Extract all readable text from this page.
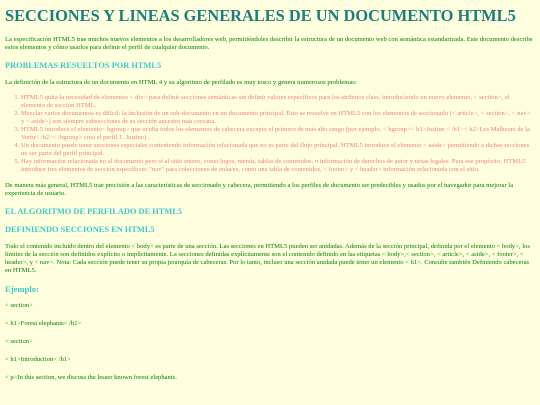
SECCIONES Y LINEAS GENERALES DE UN DOCUMENTO HTML5

La especificación HTML5 trae muchos nuevos elementos a los desarrolladores web, permitiéndoles describir la estructura de un documento web con semántica estandarizada. Este documento describe estos elementos y cómo usarlos para definir el perfil de cualquier documento.

PROBLEMAS RESUELTOS POR HTML5

La definición de la estructura de un documento en HTML 4 y su algoritmo de perfilado es muy tosco y genera numerosos problemas:

1. HTML5 quita la necesidad de elementos < div> para definir secciones semánticas sin definir valores específicos para los atributos class, introduciendo un nuevo elemento, < section>, el elemento de sección HTML.
2. Mezclar varios documentos es difícil: la inclusión de un sub-documento en un documento principal. Esto se resuelve en HTML5 con los elementos de seccionado (< article>, < section>, < nav> y < aside>) son siempre subsecciones de su sección ancestra más cercana.
3. HTML5 introduce el elemento< hgroup> que oculta todos los elementos de cabecera excepto el primero de más alto rango (por ejemplo, < hgroup>< h1>Justine < /h1>< h2>Les Malheurs de la Vertu< /h2>< /hgroup> crea el perfil 1. Justine) .
4. Un documento puede tener secciones especiales conteniendo información relacionada que no es parte del flujo principal. HTML5 introduce el elemento < aside> permitiendo a dichas secciones no ser parte del perfil principal.
5. Hay información relacionada no al documento pero sí al sitio entero, como logos, menús, tablas de contenidos, o información de derechos de autor y notas legales. Para ese propósito, HTML5 introduce tres elementos de sección específicos: "nav" para colecciones de enlaces, como una tabla de contenidos, < footer> y < header> información relacionada con el sitio.

De manera más general, HTML5 trae precisión a las características de seccionado y cabecera, permitiendo a los perfiles de documento ser predecibles y usados por el navegador para mejorar la experiencia de usuario.

EL ALGORITMO DE PERFILADO DE HTML5
DEFINIENDO SECCIONES EN HTML5

Todo el contenido incluido dentro del elemento < body> es parte de una sección. Las secciones en HTML5 pueden ser anidadas. Además de la sección principal, definida por el elemento < body>, los límites de la sección son definidos explícito o implícitamente. La secciones definidas explícitamente son el contenido definido en las etiquetas < body>,< section>, < article>, < aside>, < footer>, < header>, y < nav>. Nota: Cada sección puede tener su propia jerarquía de cabeceras. Por lo tanto, incluso una sección anidada puede tener un elemento < h1>. Consulte también Definiendo cabeceras en HTML5.

Ejemplo:

< section>

< h1>Forest elephants< /h1>

< section>

< h1>Introduction< /h1>

< p>In this section, we discuss the lesser known forest elephants.
